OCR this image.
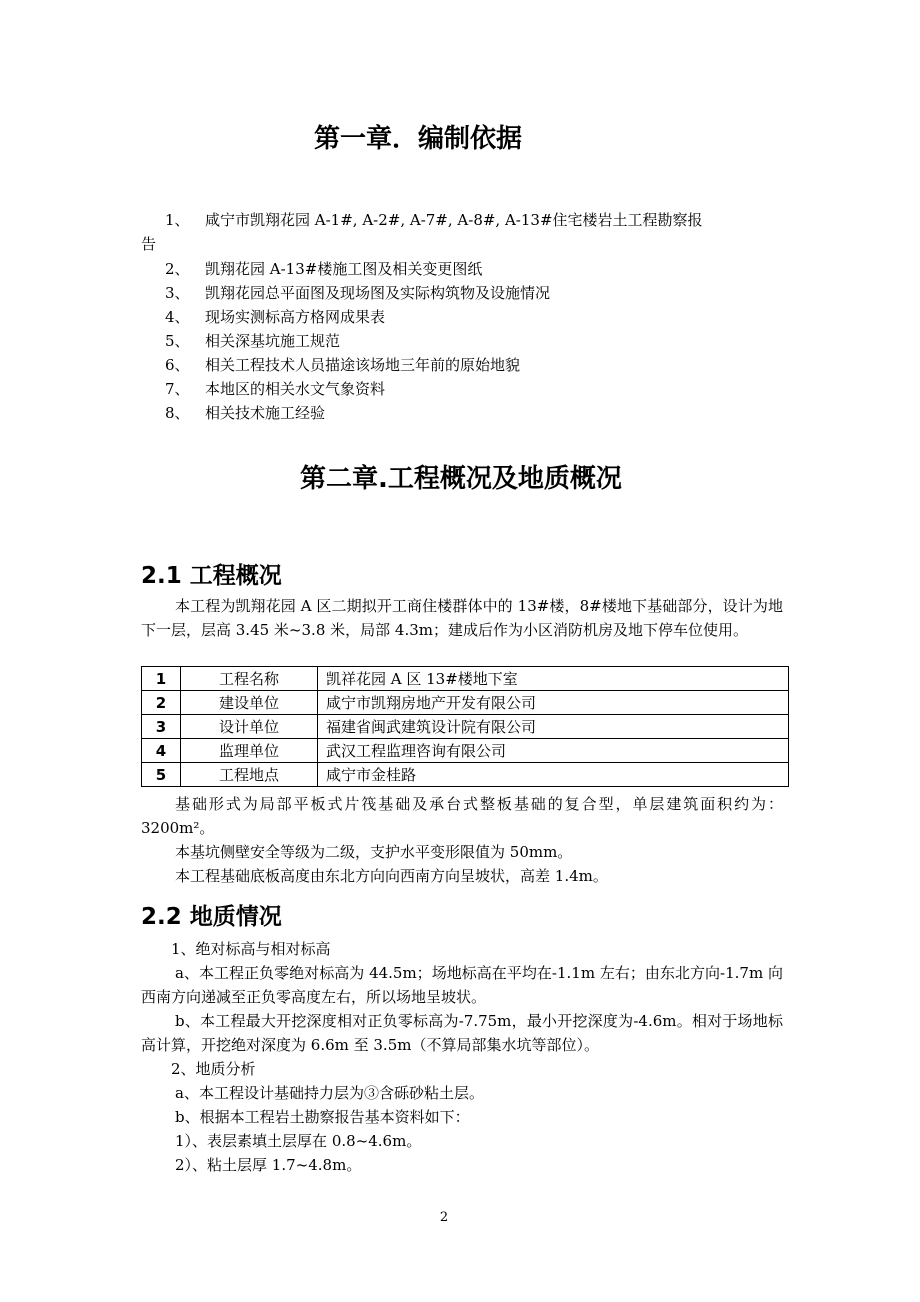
第一章．编制依据
1、 咸宁市凯翔花园 A-1#, A-2#, A-7#, A-8#, A-13#住宅楼岩土工程勘察报
告
2、 凯翔花园 A-13#楼施工图及相关变更图纸
3、 凯翔花园总平面图及现场图及实际构筑物及设施情况
4、 现场实测标高方格网成果表
5、 相关深基坑施工规范
6、 相关工程技术人员描途该场地三年前的原始地貌
7、 本地区的相关水文气象资料
8、 相关技术施工经验
第二章.工程概况及地质概况
2.1 工程概况
本工程为凯翔花园 A 区二期拟开工商住楼群体中的 13#楼，8#楼地下基础部分，设计为地下一层，层高 3.45 米~3.8 米，局部 4.3m；建成后作为小区消防机房及地下停车位使用。
1	工程名称	凯祥花园 A 区 13#楼地下室
2	建设单位	咸宁市凯翔房地产开发有限公司
3	设计单位	福建省闽武建筑设计院有限公司
4	监理单位	武汉工程监理咨询有限公司
5	工程地点	咸宁市金桂路
基础形式为局部平板式片筏基础及承台式整板基础的复合型，单层建筑面积约为：3200m²。
本基坑侧壁安全等级为二级，支护水平变形限值为 50mm。
本工程基础底板高度由东北方向向西南方向呈坡状，高差 1.4m。
2.2 地质情况
1、绝对标高与相对标高
a、本工程正负零绝对标高为 44.5m；场地标高在平均在-1.1m 左右；由东北方向-1.7m 向西南方向递减至正负零高度左右，所以场地呈坡状。
b、本工程最大开挖深度相对正负零标高为-7.75m，最小开挖深度为-4.6m。相对于场地标高计算，开挖绝对深度为 6.6m 至 3.5m（不算局部集水坑等部位）。
2、地质分析
a、本工程设计基础持力层为③含砾砂粘土层。
b、根据本工程岩土勘察报告基本资料如下：
1）、表层素填土层厚在 0.8~4.6m。
2）、粘土层厚 1.7~4.8m。
2
